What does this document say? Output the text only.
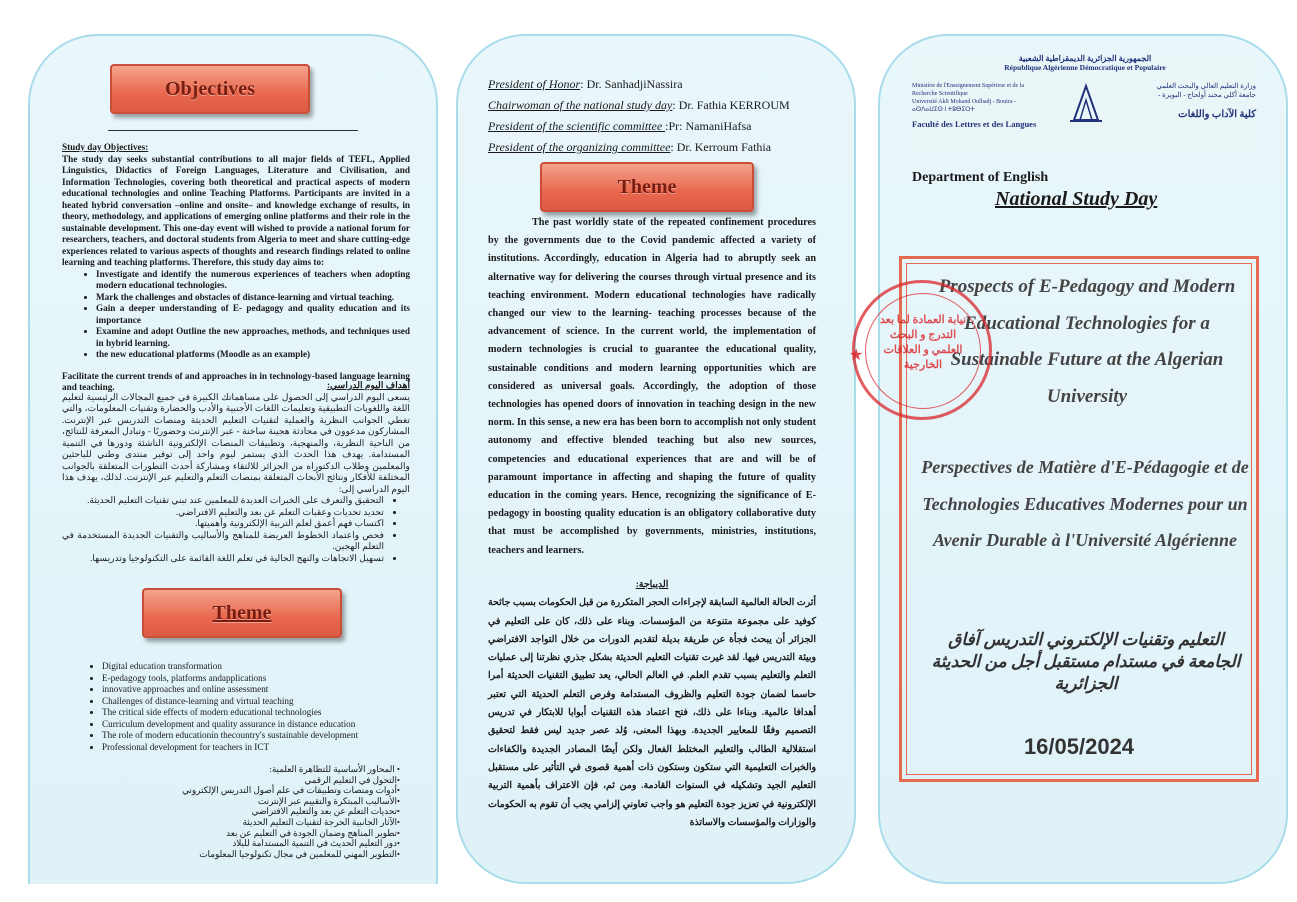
Objectives
Study day Objectives:
The study day seeks substantial contributions to all major fields of TEFL, Applied Linguistics, Didactics of Foreign Languages, Literature and Civilisation, and Information Technologies, covering both theoretical and practical aspects of modern educational technologies and online Teaching Platforms. Participants are invited in a heated hybrid conversation –online and onsite– and knowledge exchange of results, in theory, methodology, and applications of emerging online platforms and their role in the sustainable development. This one-day event will wished to provide a national forum for researchers, teachers, and doctoral students from Algeria to meet and share cutting-edge experiences related to various aspects of thoughts and research findings related to online learning and teaching platforms. Therefore, this study day aims to:
• Investigate and identify the numerous experiences of teachers when adopting modern educational technologies.
• Mark the challenges and obstacles of distance-learning and virtual teaching.
• Gain a deeper understanding of E- pedagogy and quality education and its importance
• Examine and adopt Outline the new approaches, methods, and techniques used in hybrid learning.
• the new educational platforms (Moodle as an example)
Facilitate the current trends of and approaches in in technology-based language learning and teaching.	أهداف اليوم الدراسي:
يسعى اليوم الدراسي إلى الحصول على مساهماتك الكبيرة في جميع المجالات الرئيسية لتعليم اللغة واللغويات التطبيقية وتعليمات اللغات الأجنبية والأدب والحضارة وتقنيات المعلومات، والتي تغطي الجوانب النظرية والعملية لتقنيات التعليم الحديثة ومنصات التدريس عبر الإنترنت. المشاركون مدعوون في محادثة هجينة ساخنة - عبر الإنترنت وحضوريًا - وتبادل المعرفة للنتائج، من الناحية النظرية، والمنهجية، وتطبيقات المنصات الإلكترونية الناشئة ودورها في التنمية المستدامة. يهدف هذا الحدث الذي يستمر ليوم واحد إلى توفير منتدى وطني للباحثين والمعلمين وطلاب الدكتوراه من الجزائر للالتقاء ومشاركة أحدث التطورات المتعلقة بالجوانب المختلفة للأفكار ونتائج الأبحاث المتعلقة بمنصات التعلم والتعليم عبر الإنترنت. لذلك، يهدف هذا اليوم الدراسي إلى:
• التحقيق والتعرف على الخبرات العديدة للمعلمين عند تبني تقنيات التعليم الحديثة.
• تحديد تحديات وعقبات التعلم عن بعد والتعليم الافتراضي.
• اكتساب فهم أعمق لعلم التربية الإلكترونية وأهميتها.
• فحص واعتماد الخطوط العريضة للمناهج والأساليب والتقنيات الجديدة المستخدمة في التعلم الهجين.
• تسهيل الاتجاهات والنهج الحالية في تعلم اللغة القائمة على التكنولوجيا وتدريسها.
Theme
• Digital education transformation
• E-pedagogy tools, platforms andapplications
• innovative approaches and online assessment
• Challenges of distance-learning and virtual teaching
• The critical side effects of modern educational technologies
• Curriculum development and quality assurance in distance education
• The role of modern educationin thecountry's sustainable development
• Professional development for teachers in ICT
• المحاور الأساسية للتظاهرة العلمية:
•التحول في التعليم الرقمي
•أدوات ومنصات وتطبيقات في علم أصول التدريس الإلكتروني
•الأساليب المبتكرة والتقييم عبر الإنترنت
•تحديات التعلم عن بعد والتعليم الافتراضي
•الآثار الجانبية الحرجة لتقنيات التعليم الحديثة
•تطوير المناهج وضمان الجودة في التعليم عن بعد
•دور التعليم الحديث في التنمية المستدامة للبلاد
•التطوير المهني للمعلمين في مجال تكنولوجيا المعلومات
President of Honor: Dr. SanhadjiNassira
Chairwoman of the national study day: Dr. Fathia KERROUM
President of the scientific committee :Pr: NamaniHafsa
President of the organizing committee: Dr. Kerroum Fathia
Theme
The past worldly state of the repeated confinement procedures by the governments due to the Covid pandemic affected a variety of institutions. Accordingly, education in Algeria had to abruptly seek an alternative way for delivering the courses through virtual presence and its teaching environment. Modern educational technologies have radically changed our view to the learning- teaching processes because of the advancement of science. In the current world, the implementation of modern technologies is crucial to guarantee the educational quality, sustainable conditions and modern learning opportunities which are considered as universal goals. Accordingly, the adoption of those technologies has opened doors of innovation in teaching design in the new norm. In this sense, a new era has been born to accomplish not only student autonomy and effective blended teaching but also new sources, competencies and educational experiences that are and will be of paramount importance in affecting and shaping the future of quality education in the coming years. Hence, recognizing the significance of E-pedagogy in boosting quality education is an obligatory collaborative duty that must be accomplished by governments, ministries, institutions, teachers and learners.
الديباجة:
أثرت الحالة العالمية السابقة لإجراءات الحجر المتكررة من قبل الحكومات بسبب جائحة كوفيد على مجموعة متنوعة من المؤسسات. وبناء على ذلك، كان على التعليم في الجزائر أن يبحث فجأة عن طريقة بديلة لتقديم الدورات من خلال التواجد الافتراضي وبيئة التدريس فيها. لقد غيرت تقنيات التعليم الحديثة بشكل جذري نظرتنا إلى عمليات التعلم والتعليم بسبب تقدم العلم. في العالم الحالي، يعد تطبيق التقنيات الحديثة أمرا حاسما لضمان جودة التعليم والظروف المستدامة وفرص التعلم الحديثة التي تعتبر أهدافا عالمية. وبناءا على ذلك، فتح اعتماد هذه التقنيات أبوابا للابتكار في تدريس التصميم وفقًا للمعايير الجديدة. وبهذا المعنى، وُلد عصر جديد ليس فقط لتحقيق استقلالية الطالب والتعليم المختلط الفعال ولكن أيضًا المصادر الجديدة والكفاءات والخبرات التعليمية التي ستكون وستكون ذات أهمية قصوى في التأثير على مستقبل التعليم الجيد وتشكيله في السنوات القادمة. ومن ثم، فإن الاعتراف بأهمية التربية الإلكترونية في تعزيز جودة التعليم هو واجب تعاوني إلزامي يجب أن تقوم به الحكومات والوزارات والمؤسسات والاساتذة
الجمهورية الجزائرية الديمقراطية الشعبية
République Algérienne Démocratique et Populaire
Ministère de l'Enseignement Supérieur et de la Recherche Scientifique
Université Akli Mohand Oulhadj - Bouira -
ⴰⵙⴷⴰⵡⵉⵙ ⵏ ⵜⵓⴱⵉⵔⵜ
Faculté des Lettres et des Langues
وزارة التعليم العالي والبحث العلمي
جامعة أكلي محند أولحاج - البويرة -
كلية الآداب واللغات
Department of English
National Study Day
Prospects of E-Pedagogy and Modern Educational Technologies for a Sustainable Future at the Algerian University
Perspectives de Matière d'E-Pédagogie et de Technologies Educatives Modernes pour un Avenir Durable à l'Université Algérienne
التعليم وتقنيات الإلكتروني التدريس آفاق الجامعة في مستدام مستقبل أجل من الحديثة الجزائرية
16/05/2024
نيابة العمادة لما بعد التدرج و البحث العلمي و العلاقات الخارجية
★
